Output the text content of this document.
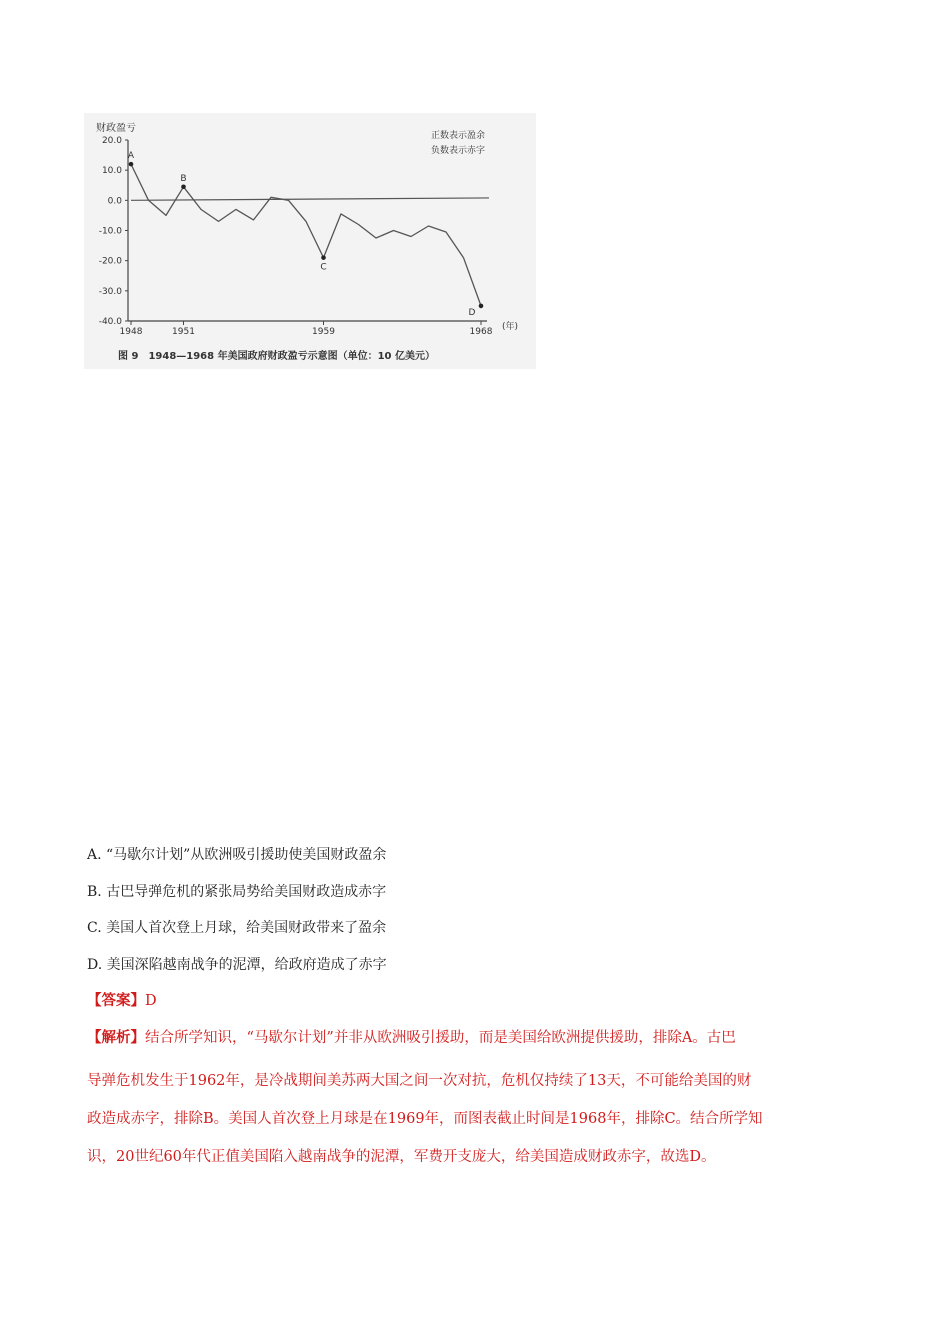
财政盈亏
正数表示盈余
负数表示赤字
(年)
图 9　1948—1968 年美国政府财政盈亏示意图（单位：10 亿美元）
20.0
10.0
0.0
-10.0
-20.0
-30.0
-40.0
1948	1951	1959	1968
A
B
C
D
A. “马歇尔计划”从欧洲吸引援助使美国财政盈余
B. 古巴导弹危机的紧张局势给美国财政造成赤字
C. 美国人首次登上月球，给美国财政带来了盈余
D. 美国深陷越南战争的泥潭，给政府造成了赤字
【答案】D
【解析】结合所学知识，“马歇尔计划”并非从欧洲吸引援助，而是美国给欧洲提供援助，排除A。古巴
导弹危机发生于1962年，是冷战期间美苏两大国之间一次对抗，危机仅持续了13天，不可能给美国的财
政造成赤字，排除B。美国人首次登上月球是在1969年，而图表截止时间是1968年，排除C。结合所学知
识，20世纪60年代正值美国陷入越南战争的泥潭，军费开支庞大，给美国造成财政赤字，故选D。
